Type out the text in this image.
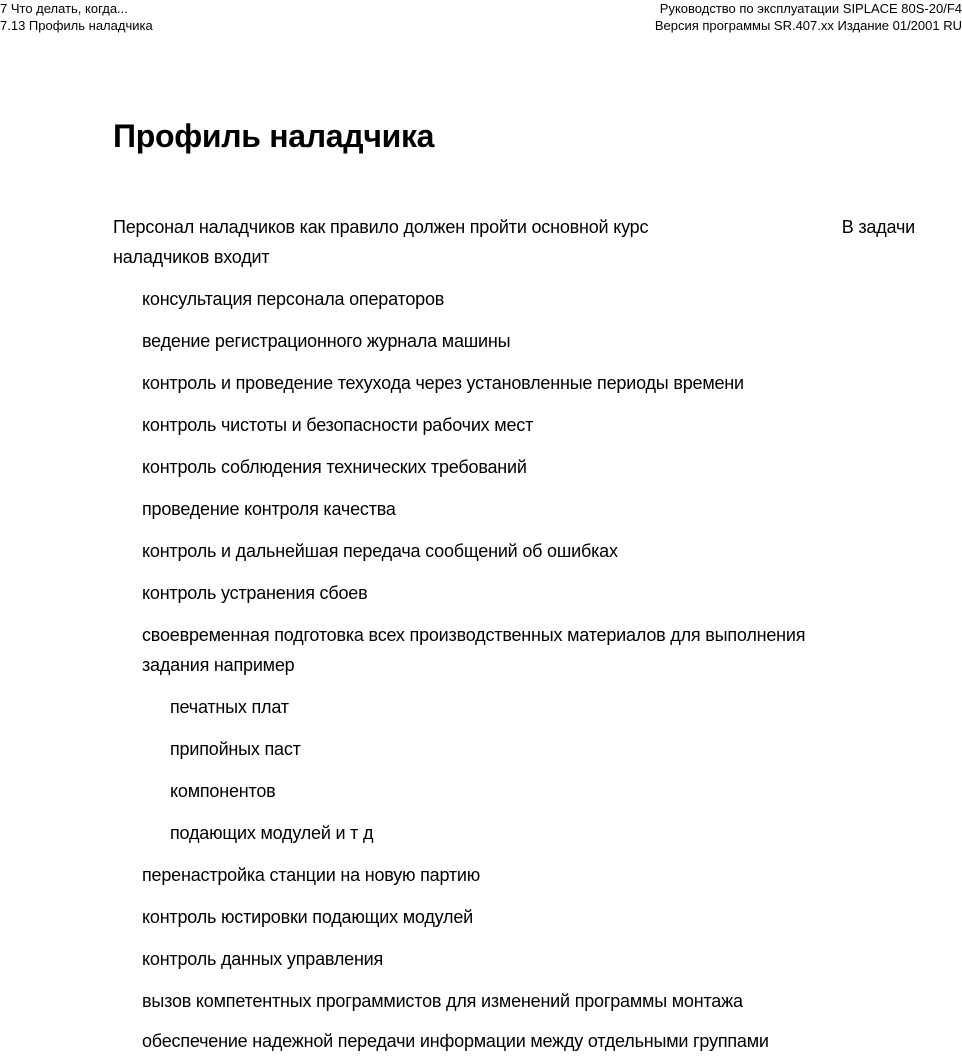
7 Что делать, когда...
7.13 Профиль наладчика
Руководство по эксплуатации SIPLACE 80S-20/F4
Версия программы SR.407.xx Издание 01/2001 RU
Профиль наладчика
Персонал наладчиков как правило должен пройти основной курс	В задачи
наладчиков входит
консультация персонала операторов
ведение регистрационного журнала машины
контроль и проведение техухода через установленные периоды времени
контроль чистоты и безопасности рабочих мест
контроль соблюдения технических требований
проведение контроля качества
контроль и дальнейшая передача сообщений об ошибках
контроль устранения сбоев
своевременная подготовка всех производственных материалов для выполнения
задания например
печатных плат
припойных паст
компонентов
подающих модулей и т д
перенастройка станции на новую партию
контроль юстировки подающих модулей
контроль данных управления
вызов компетентных программистов для изменений программы монтажа
обеспечение надежной передачи информации между отдельными группами
